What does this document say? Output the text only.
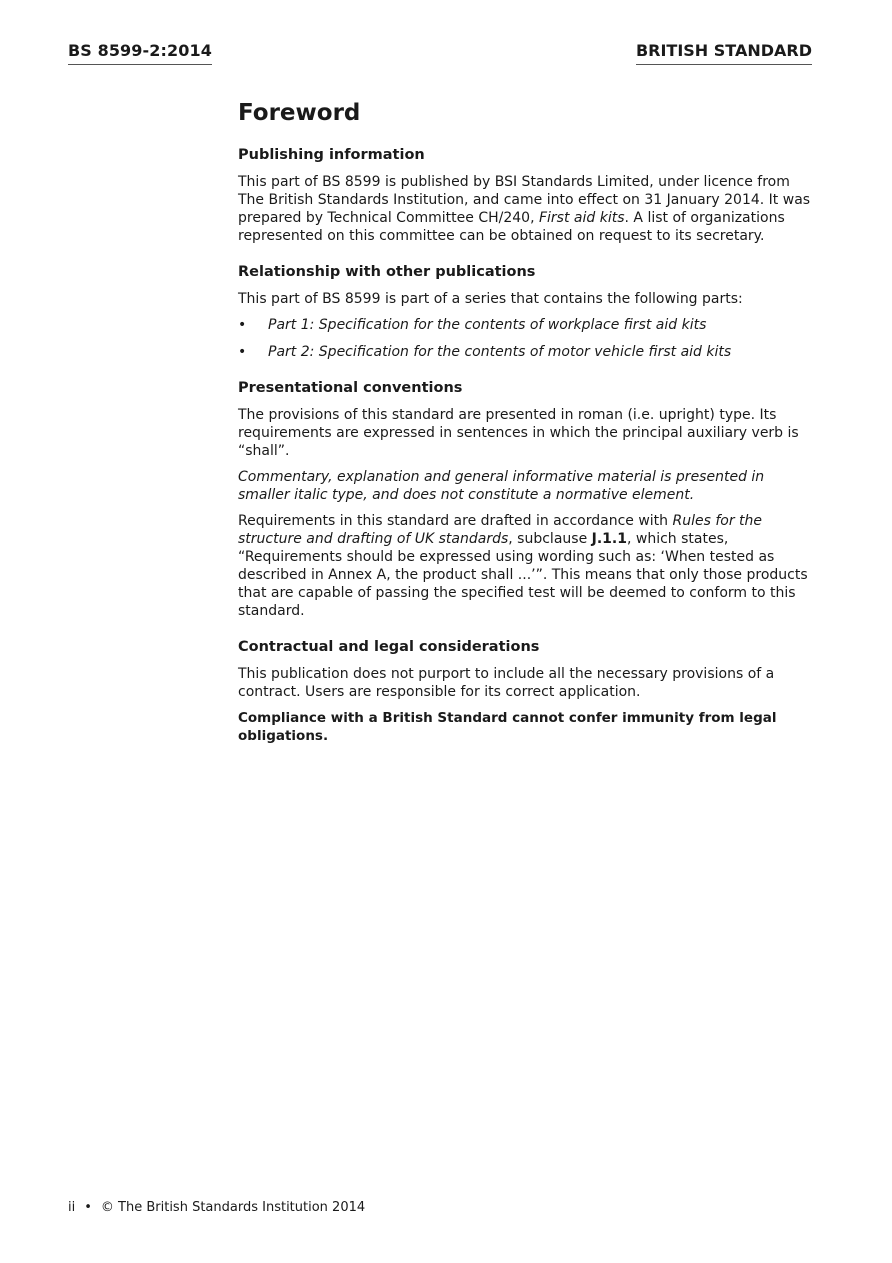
BS 8599-2:2014	BRITISH STANDARD
Foreword
Publishing information

This part of BS 8599 is published by BSI Standards Limited, under licence from The British Standards Institution, and came into effect on 31 January 2014. It was prepared by Technical Committee CH/240, First aid kits. A list of organizations represented on this committee can be obtained on request to its secretary.

Relationship with other publications

This part of BS 8599 is part of a series that contains the following parts:

• Part 1: Specification for the contents of workplace first aid kits
• Part 2: Specification for the contents of motor vehicle first aid kits
Presentational conventions

The provisions of this standard are presented in roman (i.e. upright) type. Its requirements are expressed in sentences in which the principal auxiliary verb is “shall”.

Commentary, explanation and general informative material is presented in smaller italic type, and does not constitute a normative element.

Requirements in this standard are drafted in accordance with Rules for the structure and drafting of UK standards, subclause J.1.1, which states, “Requirements should be expressed using wording such as: ‘When tested as described in Annex A, the product shall ...’”. This means that only those products that are capable of passing the specified test will be deemed to conform to this standard.

Contractual and legal considerations

This publication does not purport to include all the necessary provisions of a contract. Users are responsible for its correct application.

Compliance with a British Standard cannot confer immunity from legal obligations.

ii • © The British Standards Institution 2014
